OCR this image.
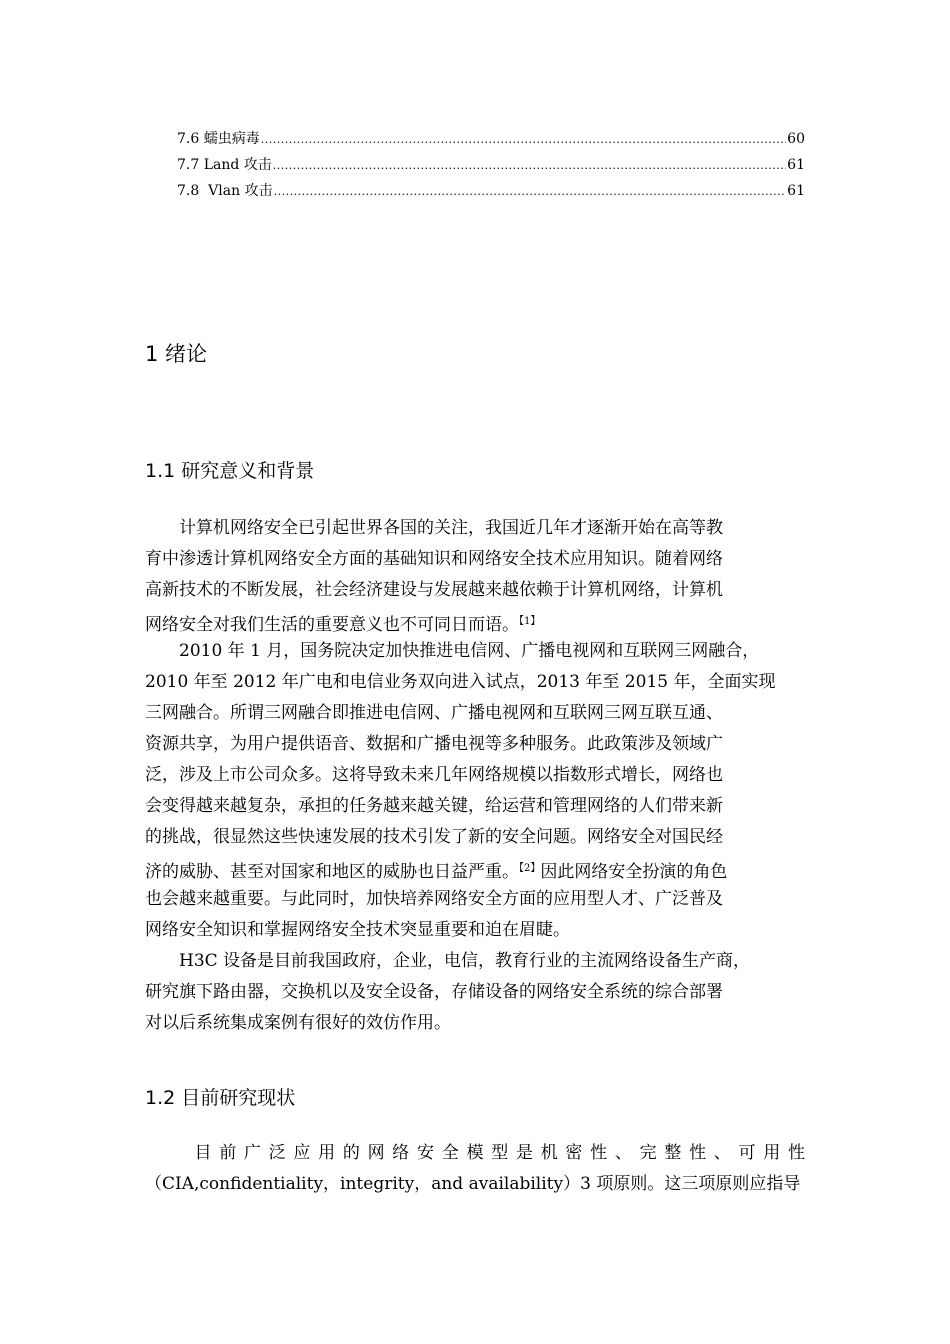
7.6 蠕虫病毒 .....	60
7.7 Land 攻击 .....	61
7.8  Vlan 攻击 .....	61
1 绪论
1.1 研究意义和背景
　　计算机网络安全已引起世界各国的关注，我国近几年才逐渐开始在高等教
育中渗透计算机网络安全方面的基础知识和网络安全技术应用知识。随着网络
高新技术的不断发展，社会经济建设与发展越来越依赖于计算机网络，计算机
网络安全对我们生活的重要意义也不可同日而语。$^{【1】}$
　　2010 年 1 月，国务院决定加快推进电信网、广播电视网和互联网三网融合，
2010 年至 2012 年广电和电信业务双向进入试点，2013 年至 2015 年，全面实现
三网融合。所谓三网融合即推进电信网、广播电视网和互联网三网互联互通、
资源共享，为用户提供语音、数据和广播电视等多种服务。此政策涉及领域广
泛，涉及上市公司众多。这将导致未来几年网络规模以指数形式增长，网络也
会变得越来越复杂，承担的任务越来越关键，给运营和管理网络的人们带来新
的挑战，很显然这些快速发展的技术引发了新的安全问题。网络安全对国民经
济的威胁、甚至对国家和地区的威胁也日益严重。$^{【2】}$因此网络安全扮演的角色
也会越来越重要。与此同时，加快培养网络安全方面的应用型人才、广泛普及
网络安全知识和掌握网络安全技术突显重要和迫在眉睫。
　　H3C 设备是目前我国政府，企业，电信，教育行业的主流网络设备生产商，
研究旗下路由器，交换机以及安全设备，存储设备的网络安全系统的综合部署
对以后系统集成案例有很好的效仿作用。
1.2 目前研究现状
　　目前广泛应用的网络安全模型是机密性、完整性、可用性
（CIA,confidentiality，integrity，and availability）3 项原则。这三项原则应指导
